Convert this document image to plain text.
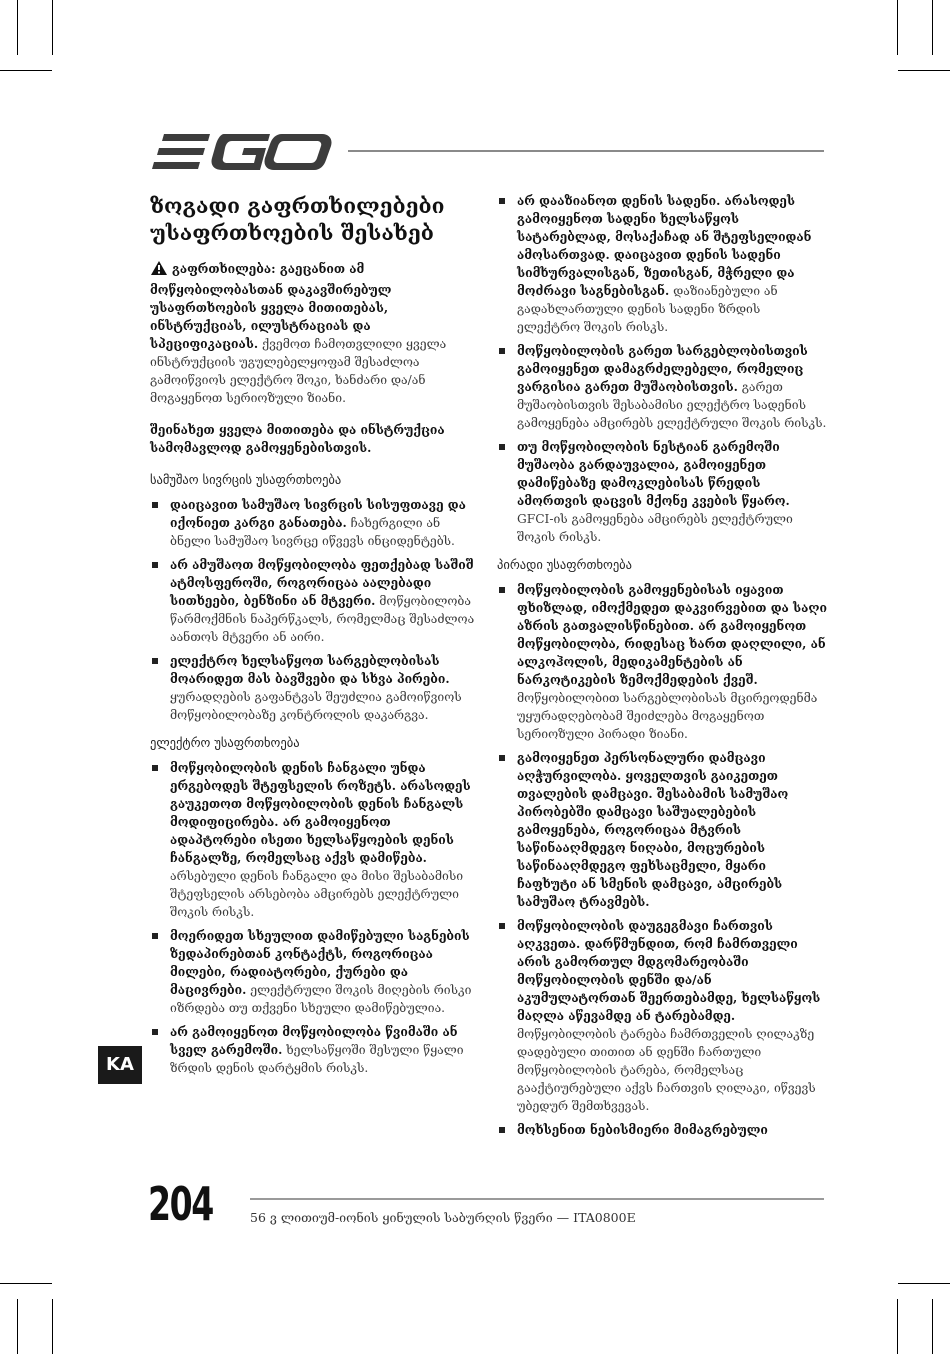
ზოგადი გაფრთხილებები უსაფრთხოების შესახებ

გაფრთხილება: გაეცანით ამ მოწყობილობასთან დაკავშირებულ უსაფრთხოების ყველა მითითებას, ინსტრუქციას, ილუსტრაციას და სპეციფიკაციას. ქვემოთ ჩამოთვლილი ყველა ინსტრუქციის უგულებელყოფამ შესაძლოა გამოიწვიოს ელექტრო შოკი, ხანძარი და/ან მოგაყენოთ სერიოზული ზიანი.

შეინახეთ ყველა მითითება და ინსტრუქცია სამომავლოდ გამოყენებისთვის.

სამუშაო სივრცის უსაფრთხოება
დაიცავით სამუშაო სივრცის სისუფთავე და იქონიეთ კარგი განათება. ჩახერგილი ან ბნელი სამუშაო სივრცე იწვევს ინციდენტებს.
არ ამუშაოთ მოწყობილობა ფეთქებად საშიშ ატმოსფეროში, როგორიცაა აალებადი სითხეები, ბენზინი ან მტვერი. მოწყობილობა წარმოქმნის ნაპერწკალს, რომელმაც შესაძლოა აანთოს მტვერი ან აირი.
ელექტრო ხელსაწყოთ სარგებლობისას მოარიდეთ მას ბავშვები და სხვა პირები. ყურადღების გაფანტვას შეუძლია გამოიწვიოს მოწყობილობაზე კონტროლის დაკარგვა.
ელექტრო უსაფრთხოება
მოწყობილობის დენის ჩანგალი უნდა ერგებოდეს შტეფსელის როზეტს. არასოდეს გაუკეთოთ მოწყობილობის დენის ჩანგალს მოდიფიცირება. არ გამოიყენოთ ადაპტორები ისეთი ხელსაწყოების დენის ჩანგალზე, რომელსაც აქვს დამიწება. არსებული დენის ჩანგალი და მისი შესაბამისი შტეფსელის არსებობა ამცირებს ელექტრული შოკის რისკს.
მოერიდეთ სხეულით დამიწებული საგნების ზედაპირებთან კონტაქტს, როგორიცაა მილები, რადიატორები, ქურები და მაცივრები. ელექტრული შოკის მიღების რისკი იზრდება თუ თქვენი სხეული დამიწებულია.
არ გამოიყენოთ მოწყობილობა წვიმაში ან სველ გარემოში. ხელსაწყოში შესული წყალი ზრდის დენის დარტყმის რისკს.
არ დააზიანოთ დენის სადენი. არასოდეს გამოიყენოთ სადენი ხელსაწყოს სატარებლად, მოსაქაჩად ან შტეფსელიდან ამოსართვად. დაიცავით დენის სადენი სიმხურვალისგან, ზეთისგან, მჭრელი და მოძრავი საგნებისგან. დაზიანებული ან გადახლართული დენის სადენი ზრდის ელექტრო შოკის რისკს.
მოწყობილობის გარეთ სარგებლობისთვის გამოიყენეთ დამაგრძელებელი, რომელიც ვარგისია გარეთ მუშაობისთვის. გარეთ მუშაობისთვის შესაბამისი ელექტრო სადენის გამოყენება ამცირებს ელექტრული შოკის რისკს.
თუ მოწყობილობის ნესტიან გარემოში მუშაობა გარდაუვალია, გამოიყენეთ დამიწებაზე დამოკლებისას წრედის ამორთვის დაცვის მქონე კვების წყარო. GFCI-ის გამოყენება ამცირებს ელექტრული შოკის რისკს.
პირადი უსაფრთხოება
მოწყობილობის გამოყენებისას იყავით ფხიზლად, იმოქმედეთ დაკვირვებით და საღი აზრის გათვალისწინებით. არ გამოიყენოთ მოწყობილობა, რიდესაც ხართ დაღლილი, ან ალკოჰოლის, მედიკამენტების ან ნარკოტიკების ზემოქმედების ქვეშ. მოწყობილობით სარგებლობისას მცირეოდენმა უყურადღებობამ შეიძლება მოგაყენოთ სერიოზული პირადი ზიანი.
გამოიყენეთ პერსონალური დამცავი აღჭურვილობა. ყოველთვის გაიკეთეთ თვალების დამცავი. შესაბამის სამუშაო პირობებში დამცავი საშუალებების გამოყენება, როგორიცაა მტვრის საწინააღმდეგო ნიღაბი, მოცურების საწინააღმდეგო ფეხსაცმელი, მყარი ჩაფხუტი ან სმენის დამცავი, ამცირებს სამუშაო ტრავმებს.
მოწყობილობის დაუგეგმავი ჩართვის აღკვეთა. დარწმუნდით, რომ ჩამრთველი არის გამორთულ მდგომარეობაში მოწყობილობის დენში და/ან აკუმულატორთან შეერთებამდე, ხელსაწყოს მაღლა აწევამდე ან ტარებამდე. მოწყობილობის ტარება ჩამრთველის ღილაკზე დადებული თითით ან დენში ჩართული მოწყობილობის ტარება, რომელსაც გააქტიურებული აქვს ჩართვის ღილაკი, იწვევს უბედურ შემთხვევას.
მოხსენით ნებისმიერი მიმაგრებული
KA
204	56 ვ ლითიუმ-იონის ყინულის საბურღის წვერი — ITA0800E
